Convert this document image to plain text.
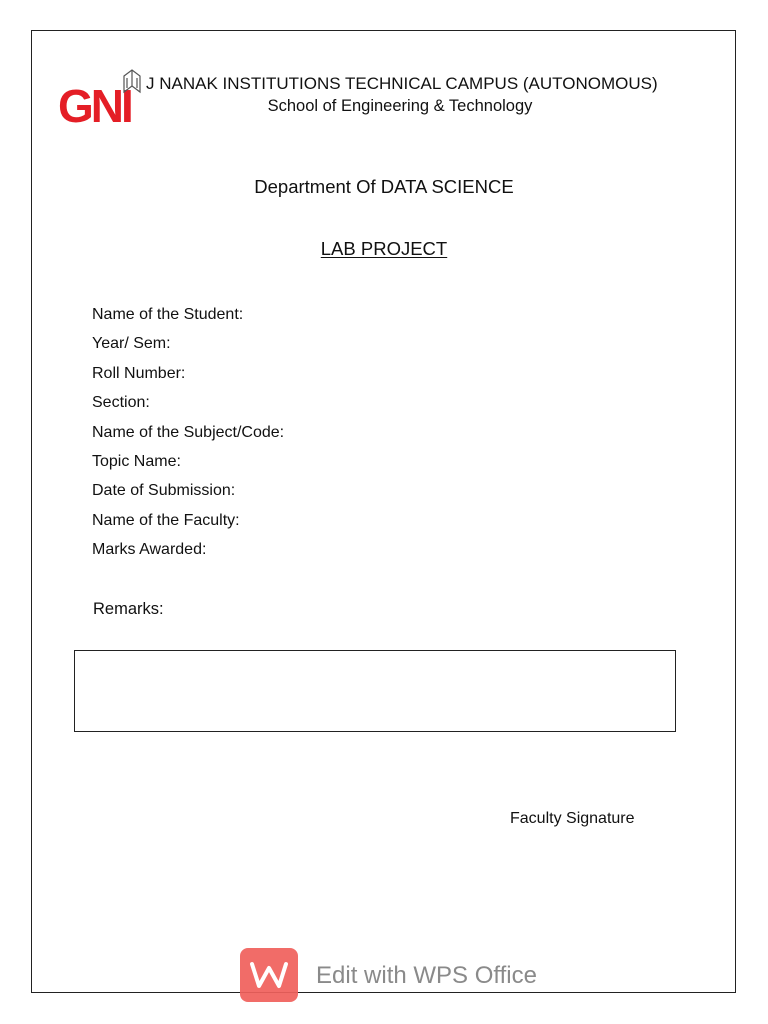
GNI J NANAK INSTITUTIONS TECHNICAL CAMPUS (AUTONOMOUS)
School of Engineering & Technology
Department Of DATA SCIENCE
LAB PROJECT
Name of the Student:
Year/ Sem:
Roll Number:
Section:
Name of the Subject/Code:
Topic Name:
Date of Submission:
Name of the Faculty:
Marks Awarded:
Remarks:
Faculty Signature
Edit with WPS Office
